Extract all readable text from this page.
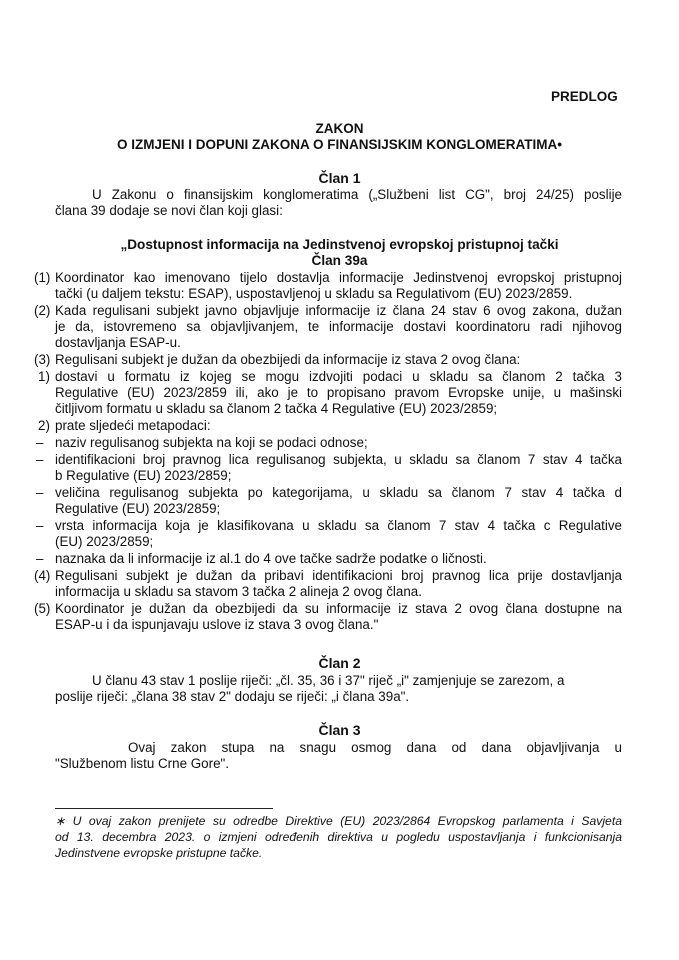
PREDLOG
ZAKON
O IZMJENI I DOPUNI ZAKONA O FINANSIJSKIM KONGLOMERATIMA•
Član 1
U Zakonu o finansijskim konglomeratima („Službeni list CG", broj 24/25) poslije
člana 39 dodaje se novi član koji glasi:
„Dostupnost informacija na Jedinstvenoj evropskoj pristupnoj tački
Član 39a
(1) Koordinator kao imenovano tijelo dostavlja informacije Jedinstvenoj evropskoj pristupnoj
tački (u daljem tekstu: ESAP), uspostavljenoj u skladu sa Regulativom (EU) 2023/2859.
(2) Kada regulisani subjekt javno objavljuje informacije iz člana 24 stav 6 ovog zakona, dužan
je da, istovremeno sa objavljivanjem, te informacije dostavi koordinatoru radi njihovog
dostavljanja ESAP-u.
(3) Regulisani subjekt je dužan da obezbijedi da informacije iz stava 2 ovog člana:
1) dostavi u formatu iz kojeg se mogu izdvojiti podaci u skladu sa članom 2 tačka 3
Regulative (EU) 2023/2859 ili, ako je to propisano pravom Evropske unije, u mašinski
čitljivom formatu u skladu sa članom 2 tačka 4 Regulative (EU) 2023/2859;
2) prate sljedeći metapodaci:
– naziv regulisanog subjekta na koji se podaci odnose;
– identifikacioni broj pravnog lica regulisanog subjekta, u skladu sa članom 7 stav 4 tačka
b Regulative (EU) 2023/2859;
– veličina regulisanog subjekta po kategorijama, u skladu sa članom 7 stav 4 tačka d
Regulative (EU) 2023/2859;
– vrsta informacija koja je klasifikovana u skladu sa članom 7 stav 4 tačka c Regulative
(EU) 2023/2859;
– naznaka da li informacije iz al.1 do 4 ove tačke sadrže podatke o ličnosti.
(4) Regulisani subjekt je dužan da pribavi identifikacioni broj pravnog lica prije dostavljanja
informacija u skladu sa stavom 3 tačka 2 alineja 2 ovog člana.
(5) Koordinator je dužan da obezbijedi da su informacije iz stava 2 ovog člana dostupne na
ESAP-u i da ispunjavaju uslove iz stava 3 ovog člana."
Član 2
U članu 43 stav 1 poslije riječi: „čl. 35, 36 i 37" riječ „i" zamjenjuje se zarezom, a
poslije riječi: „člana 38 stav 2" dodaju se riječi: „i člana 39a".
Član 3
Ovaj zakon stupa na snagu osmog dana od dana objavljivanja u
"Službenom listu Crne Gore".
∗ U ovaj zakon prenijete su odredbe Direktive (EU) 2023/2864 Evropskog parlamenta i Savjeta
od 13. decembra 2023. o izmjeni određenih direktiva u pogledu uspostavljanja i funkcionisanja
Jedinstvene evropske pristupne tačke.
